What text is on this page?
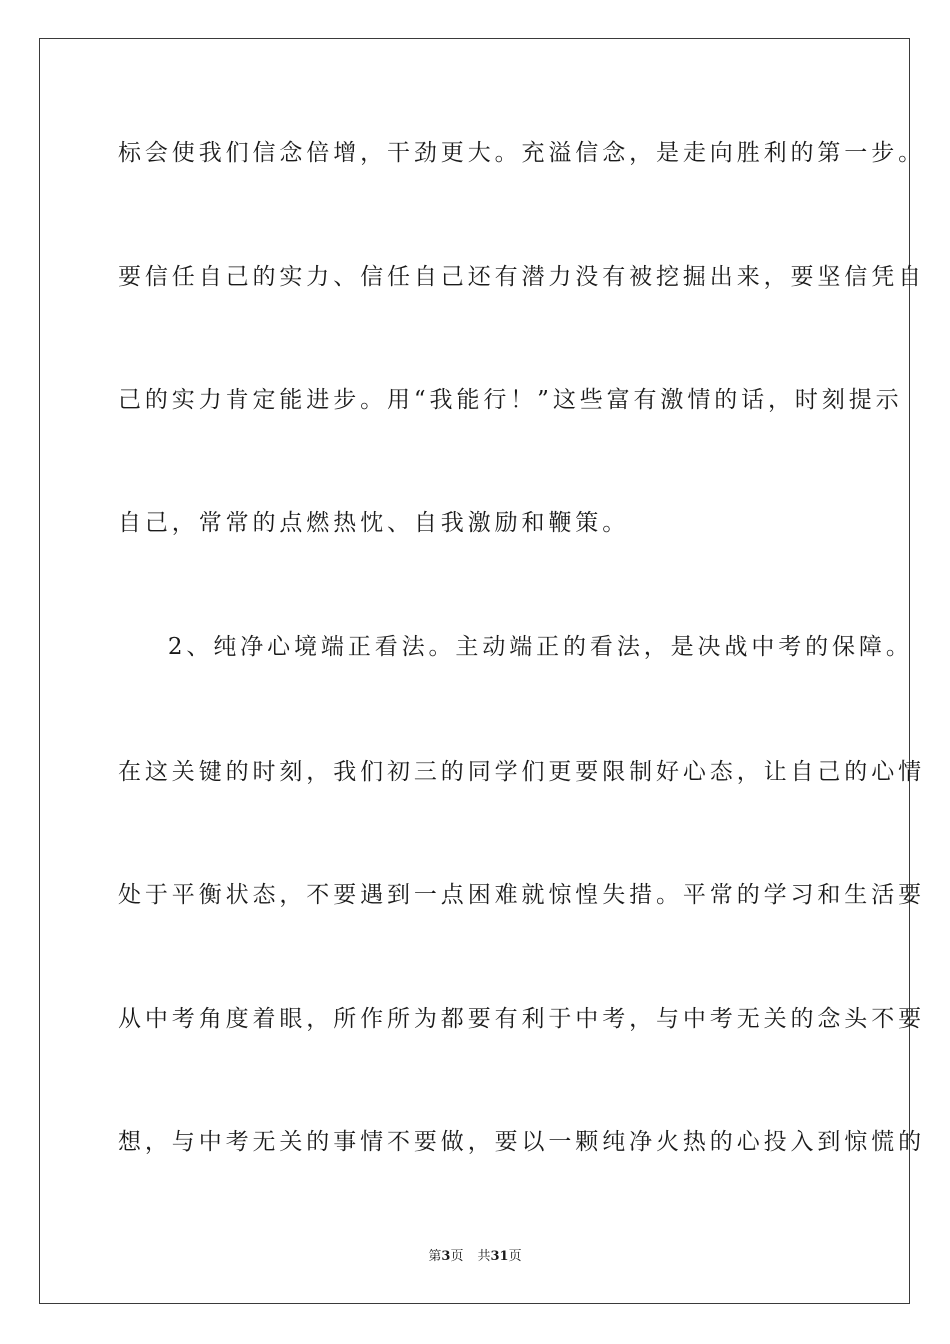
标会使我们信念倍增，干劲更大。充溢信念，是走向胜利的第一步。
要信任自己的实力、信任自己还有潜力没有被挖掘出来，要坚信凭自
己的实力肯定能进步。用“我能行！”这些富有激情的话，时刻提示
自己，常常的点燃热忱、自我激励和鞭策。
　2、纯净心境端正看法。主动端正的看法，是决战中考的保障。
在这关键的时刻，我们初三的同学们更要限制好心态，让自己的心情
处于平衡状态，不要遇到一点困难就惊惶失措。平常的学习和生活要
从中考角度着眼，所作所为都要有利于中考，与中考无关的念头不要
想，与中考无关的事情不要做，要以一颗纯净火热的心投入到惊慌的
第3页 共31页
